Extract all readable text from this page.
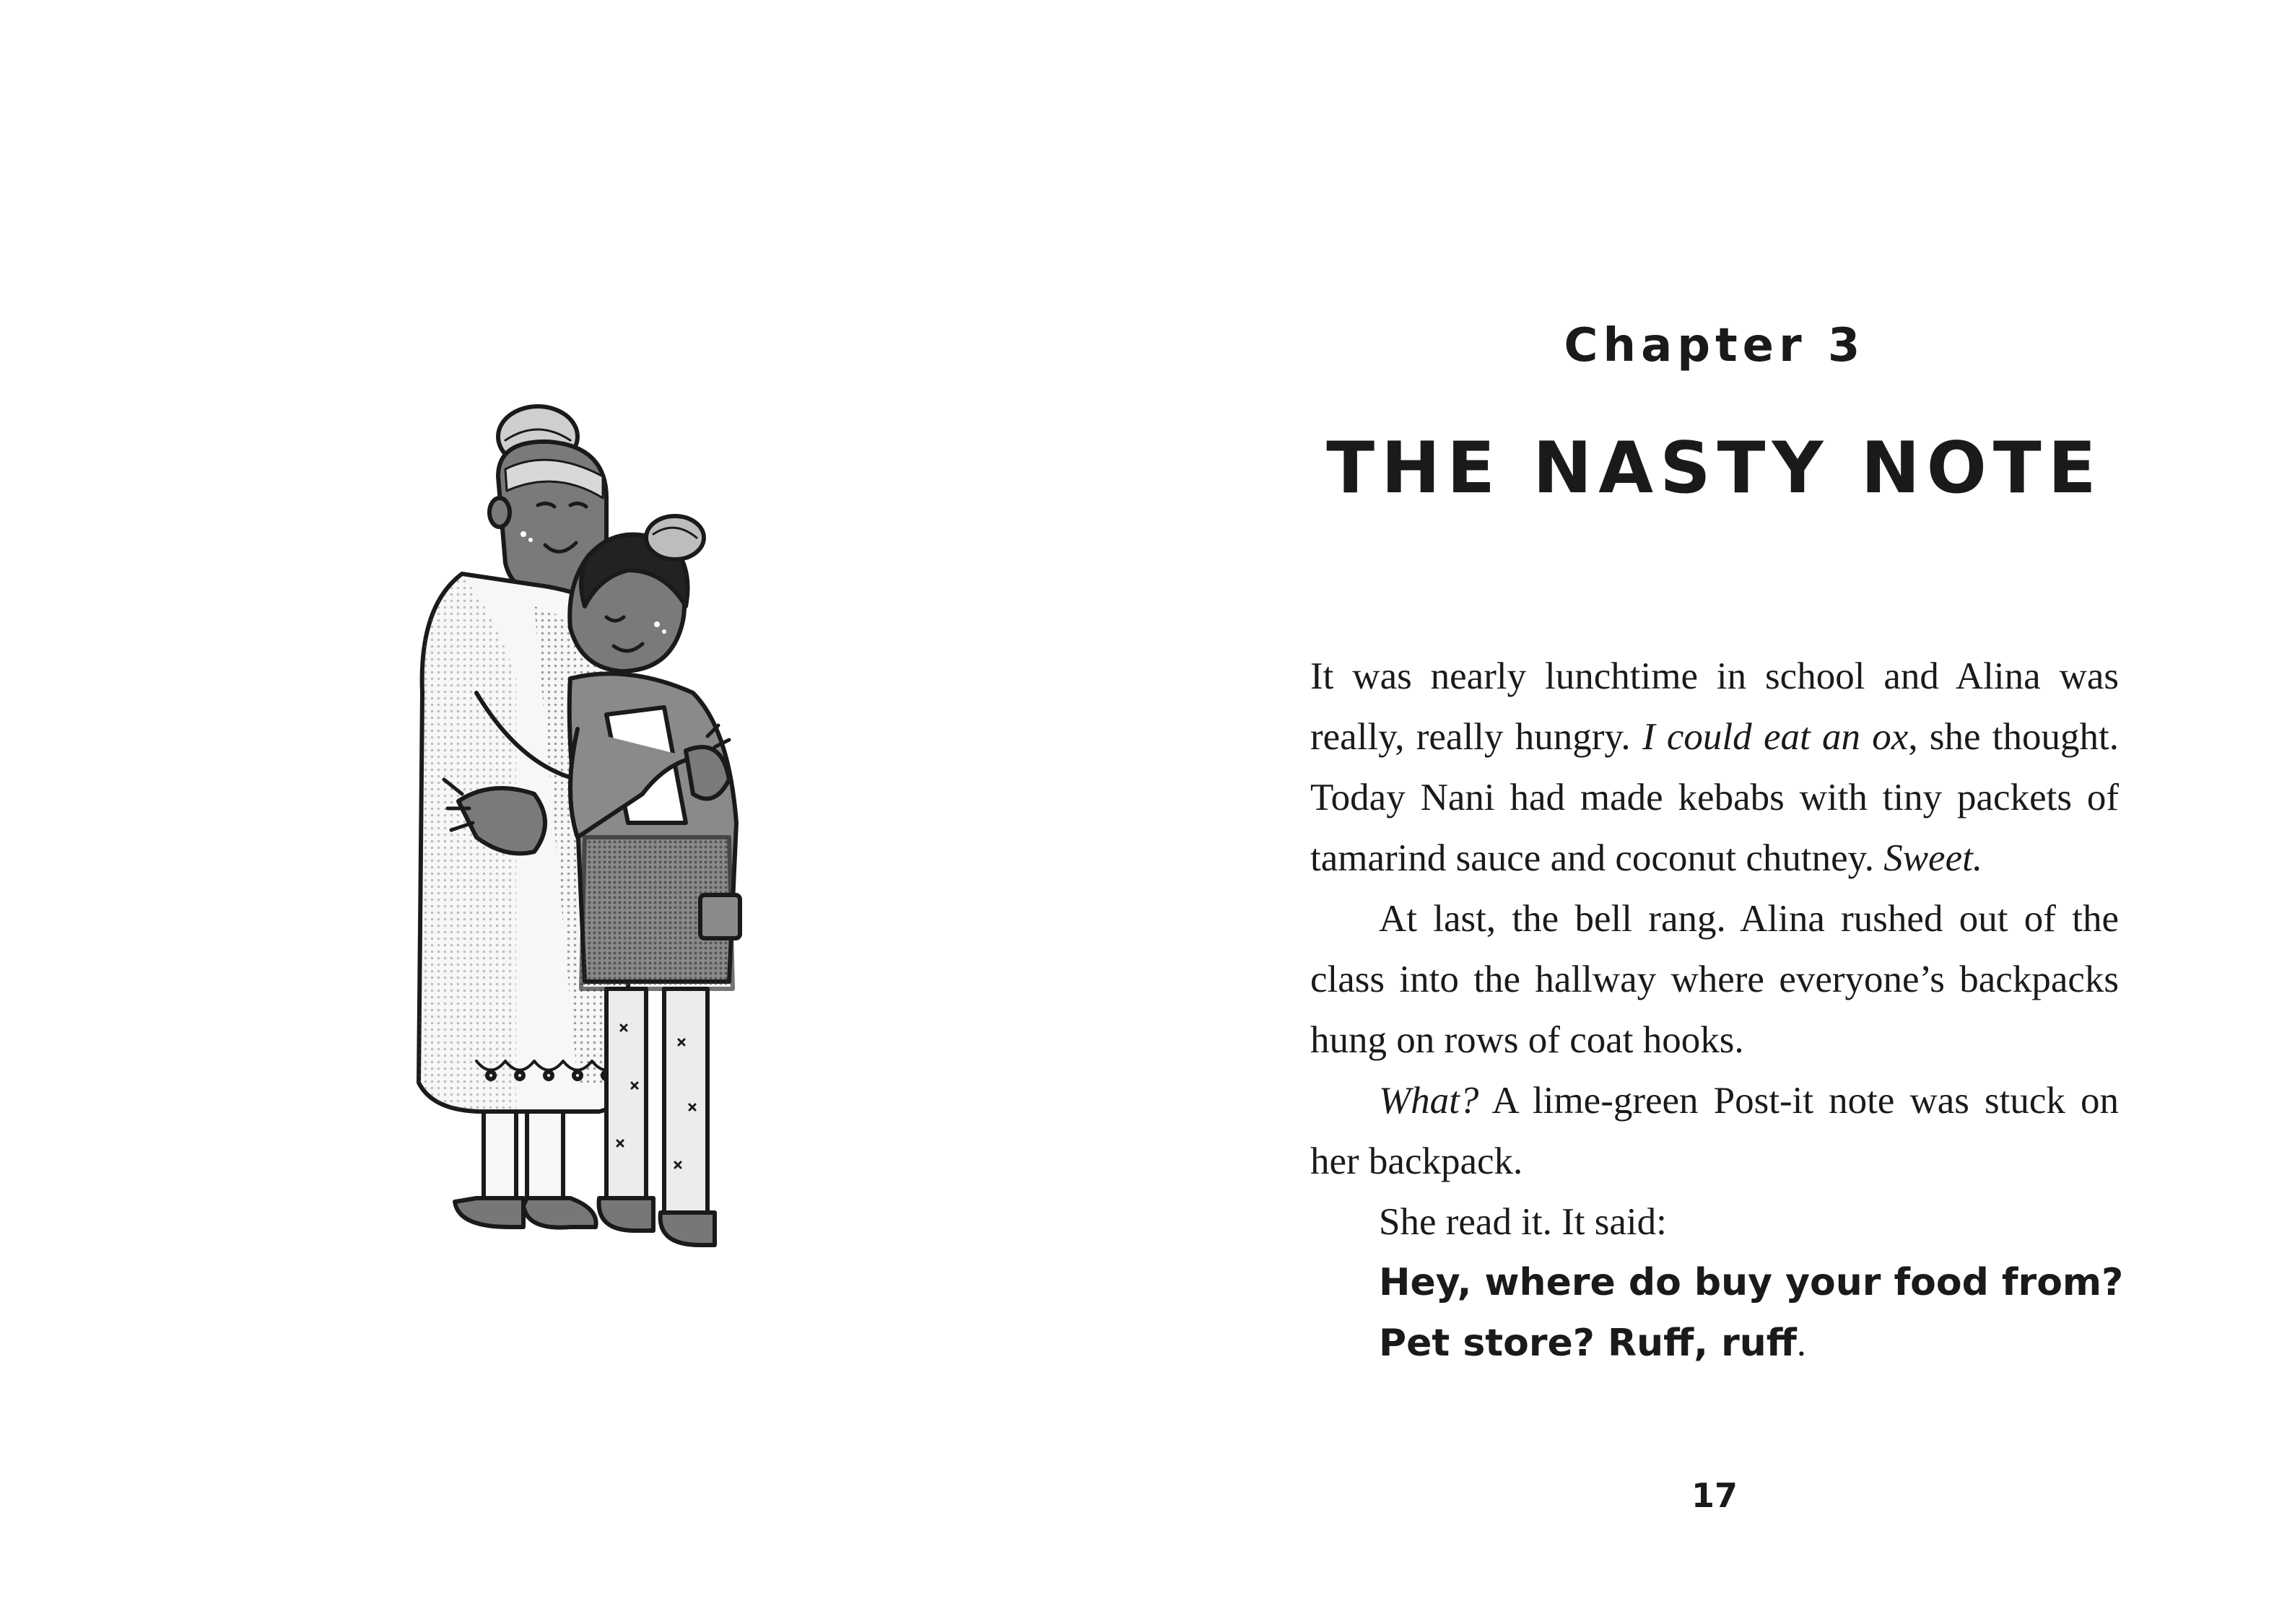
Chapter 3
THE NASTY NOTE

It was nearly lunchtime in school and Alina was really, really hungry. I could eat an ox, she thought. Today Nani had made kebabs with tiny packets of tamarind sauce and coconut chutney. Sweet.

At last, the bell rang. Alina rushed out of the class into the hallway where everyone’s backpacks hung on rows of coat hooks.

What? A lime-green Post-it note was stuck on her backpack.

She read it. It said:

Hey, where do buy your food from?
Pet store? Ruff, ruff.
17
